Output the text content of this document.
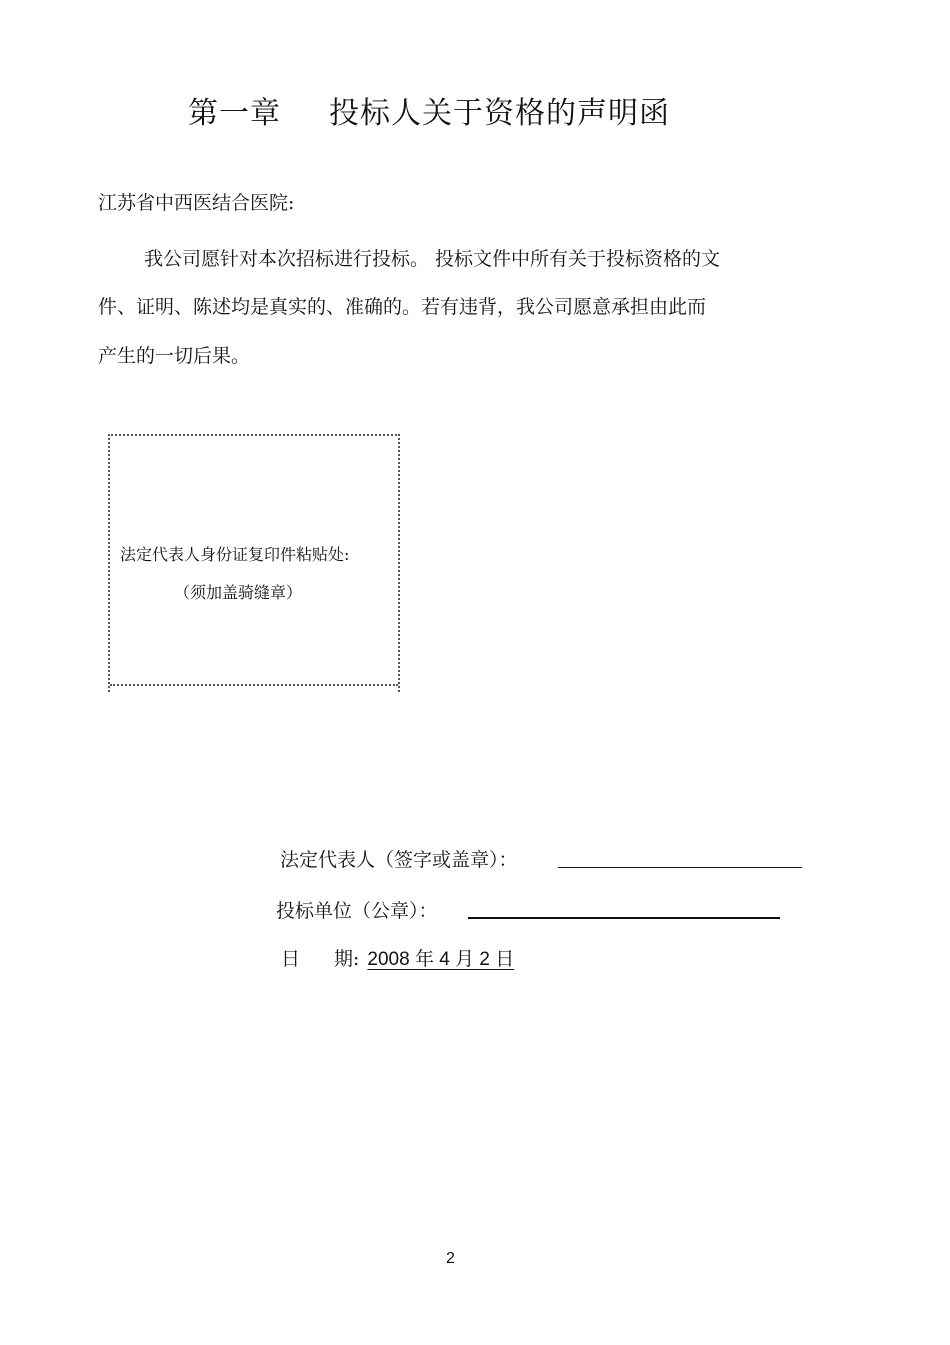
第一章 投标人关于资格的声明函
江苏省中西医结合医院:
我公司愿针对本次招标进行投标。 投标文件中所有关于投标资格的文
件、证明、陈述均是真实的、准确的。若有违背，我公司愿意承担由此而
产生的一切后果。
法定代表人身份证复印件粘贴处:
（须加盖骑缝章）
法定代表人（签字或盖章）：
投标单位（公章）：
日 期: 2008 年 4 月 2 日
2
